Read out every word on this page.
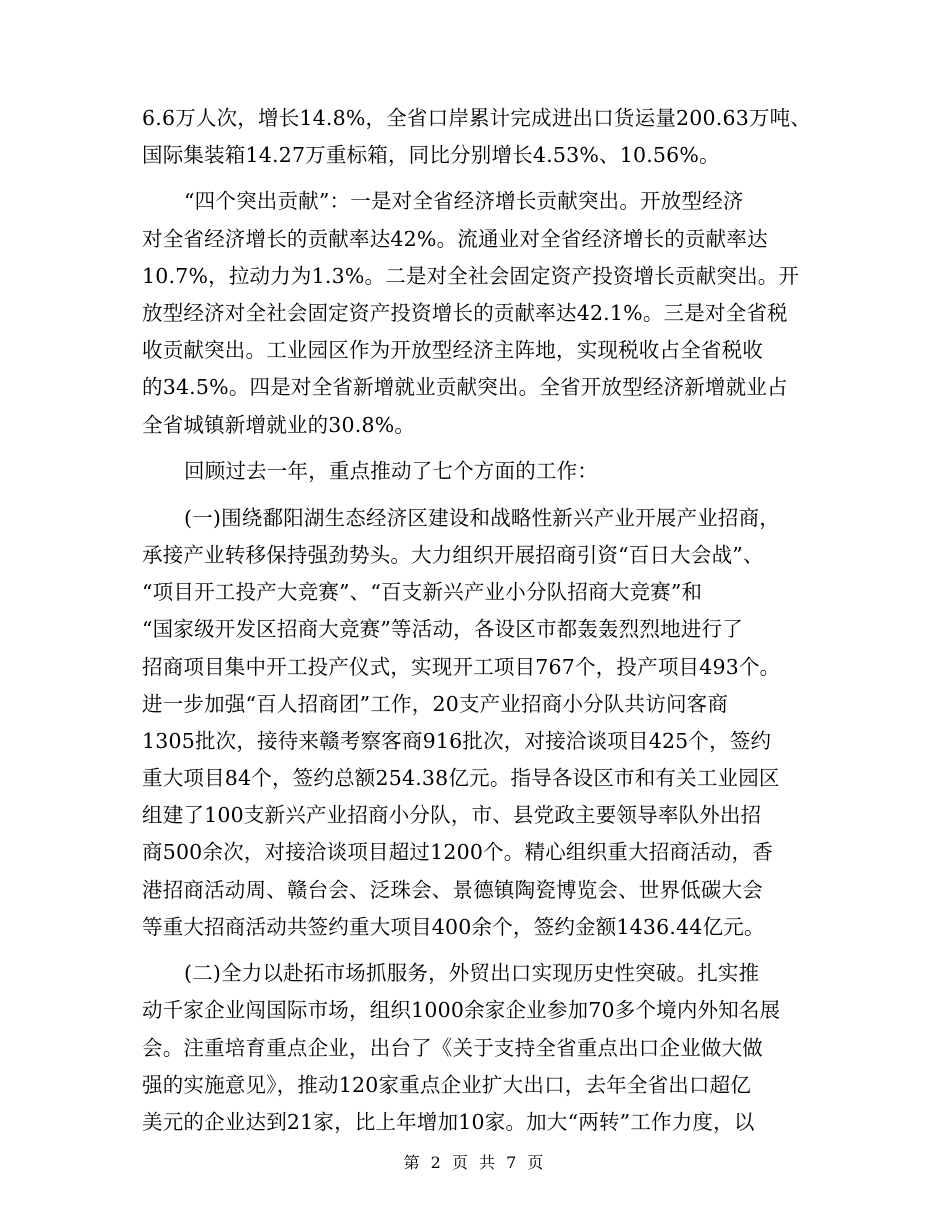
6.6万人次，增长14.8%，全省口岸累计完成进出口货运量200.63万吨、
国际集装箱14.27万重标箱，同比分别增长4.53%、10.56%。
“四个突出贡献”：一是对全省经济增长贡献突出。开放型经济
对全省经济增长的贡献率达42%。流通业对全省经济增长的贡献率达
10.7%，拉动力为1.3%。二是对全社会固定资产投资增长贡献突出。开
放型经济对全社会固定资产投资增长的贡献率达42.1%。三是对全省税
收贡献突出。工业园区作为开放型经济主阵地，实现税收占全省税收
的34.5%。四是对全省新增就业贡献突出。全省开放型经济新增就业占
全省城镇新增就业的30.8%。
回顾过去一年，重点推动了七个方面的工作：
(一)围绕鄱阳湖生态经济区建设和战略性新兴产业开展产业招商，
承接产业转移保持强劲势头。大力组织开展招商引资“百日大会战”、
“项目开工投产大竞赛”、“百支新兴产业小分队招商大竞赛”和
“国家级开发区招商大竞赛”等活动，各设区市都轰轰烈烈地进行了
招商项目集中开工投产仪式，实现开工项目767个，投产项目493个。
进一步加强“百人招商团”工作，20支产业招商小分队共访问客商
1305批次，接待来赣考察客商916批次，对接洽谈项目425个，签约
重大项目84个，签约总额254.38亿元。指导各设区市和有关工业园区
组建了100支新兴产业招商小分队，市、县党政主要领导率队外出招
商500余次，对接洽谈项目超过1200个。精心组织重大招商活动，香
港招商活动周、赣台会、泛珠会、景德镇陶瓷博览会、世界低碳大会
等重大招商活动共签约重大项目400余个，签约金额1436.44亿元。
(二)全力以赴拓市场抓服务，外贸出口实现历史性突破。扎实推
动千家企业闯国际市场，组织1000余家企业参加70多个境内外知名展
会。注重培育重点企业，出台了《关于支持全省重点出口企业做大做
强的实施意见》，推动120家重点企业扩大出口，去年全省出口超亿
美元的企业达到21家，比上年增加10家。加大“两转”工作力度，以
第 2 页 共 7 页
